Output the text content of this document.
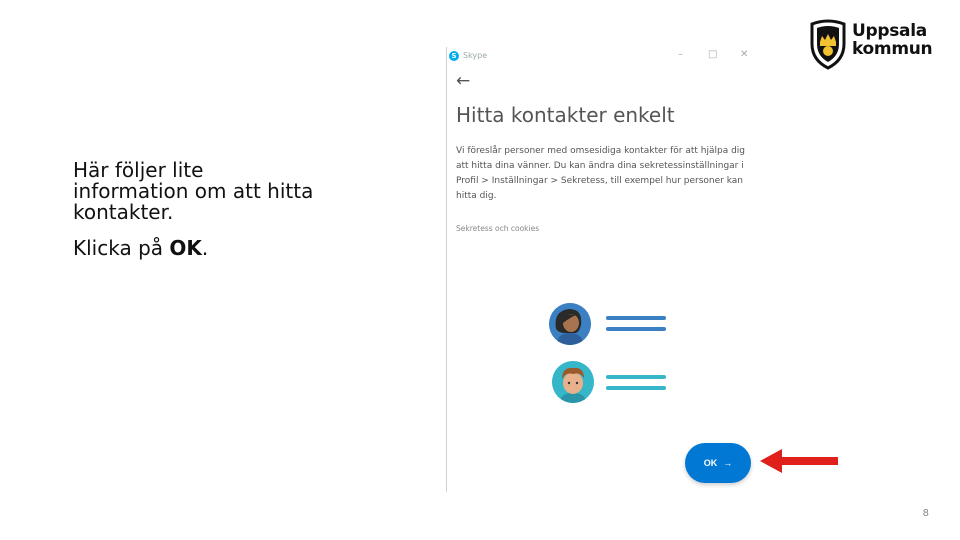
Här följer lite
information om att hitta
kontakter.

Klicka på OK.

Uppsala
kommun
S Skype	–	□ ✕
←
Hitta kontakter enkelt
Vi föreslår personer med omsesidiga kontakter för att hjälpa dig att hitta dina vänner. Du kan ändra dina sekretessinställningar i Profil > Inställningar > Sekretess, till exempel hur personer kan hitta dig.
Sekretess och cookies
OK →
8
